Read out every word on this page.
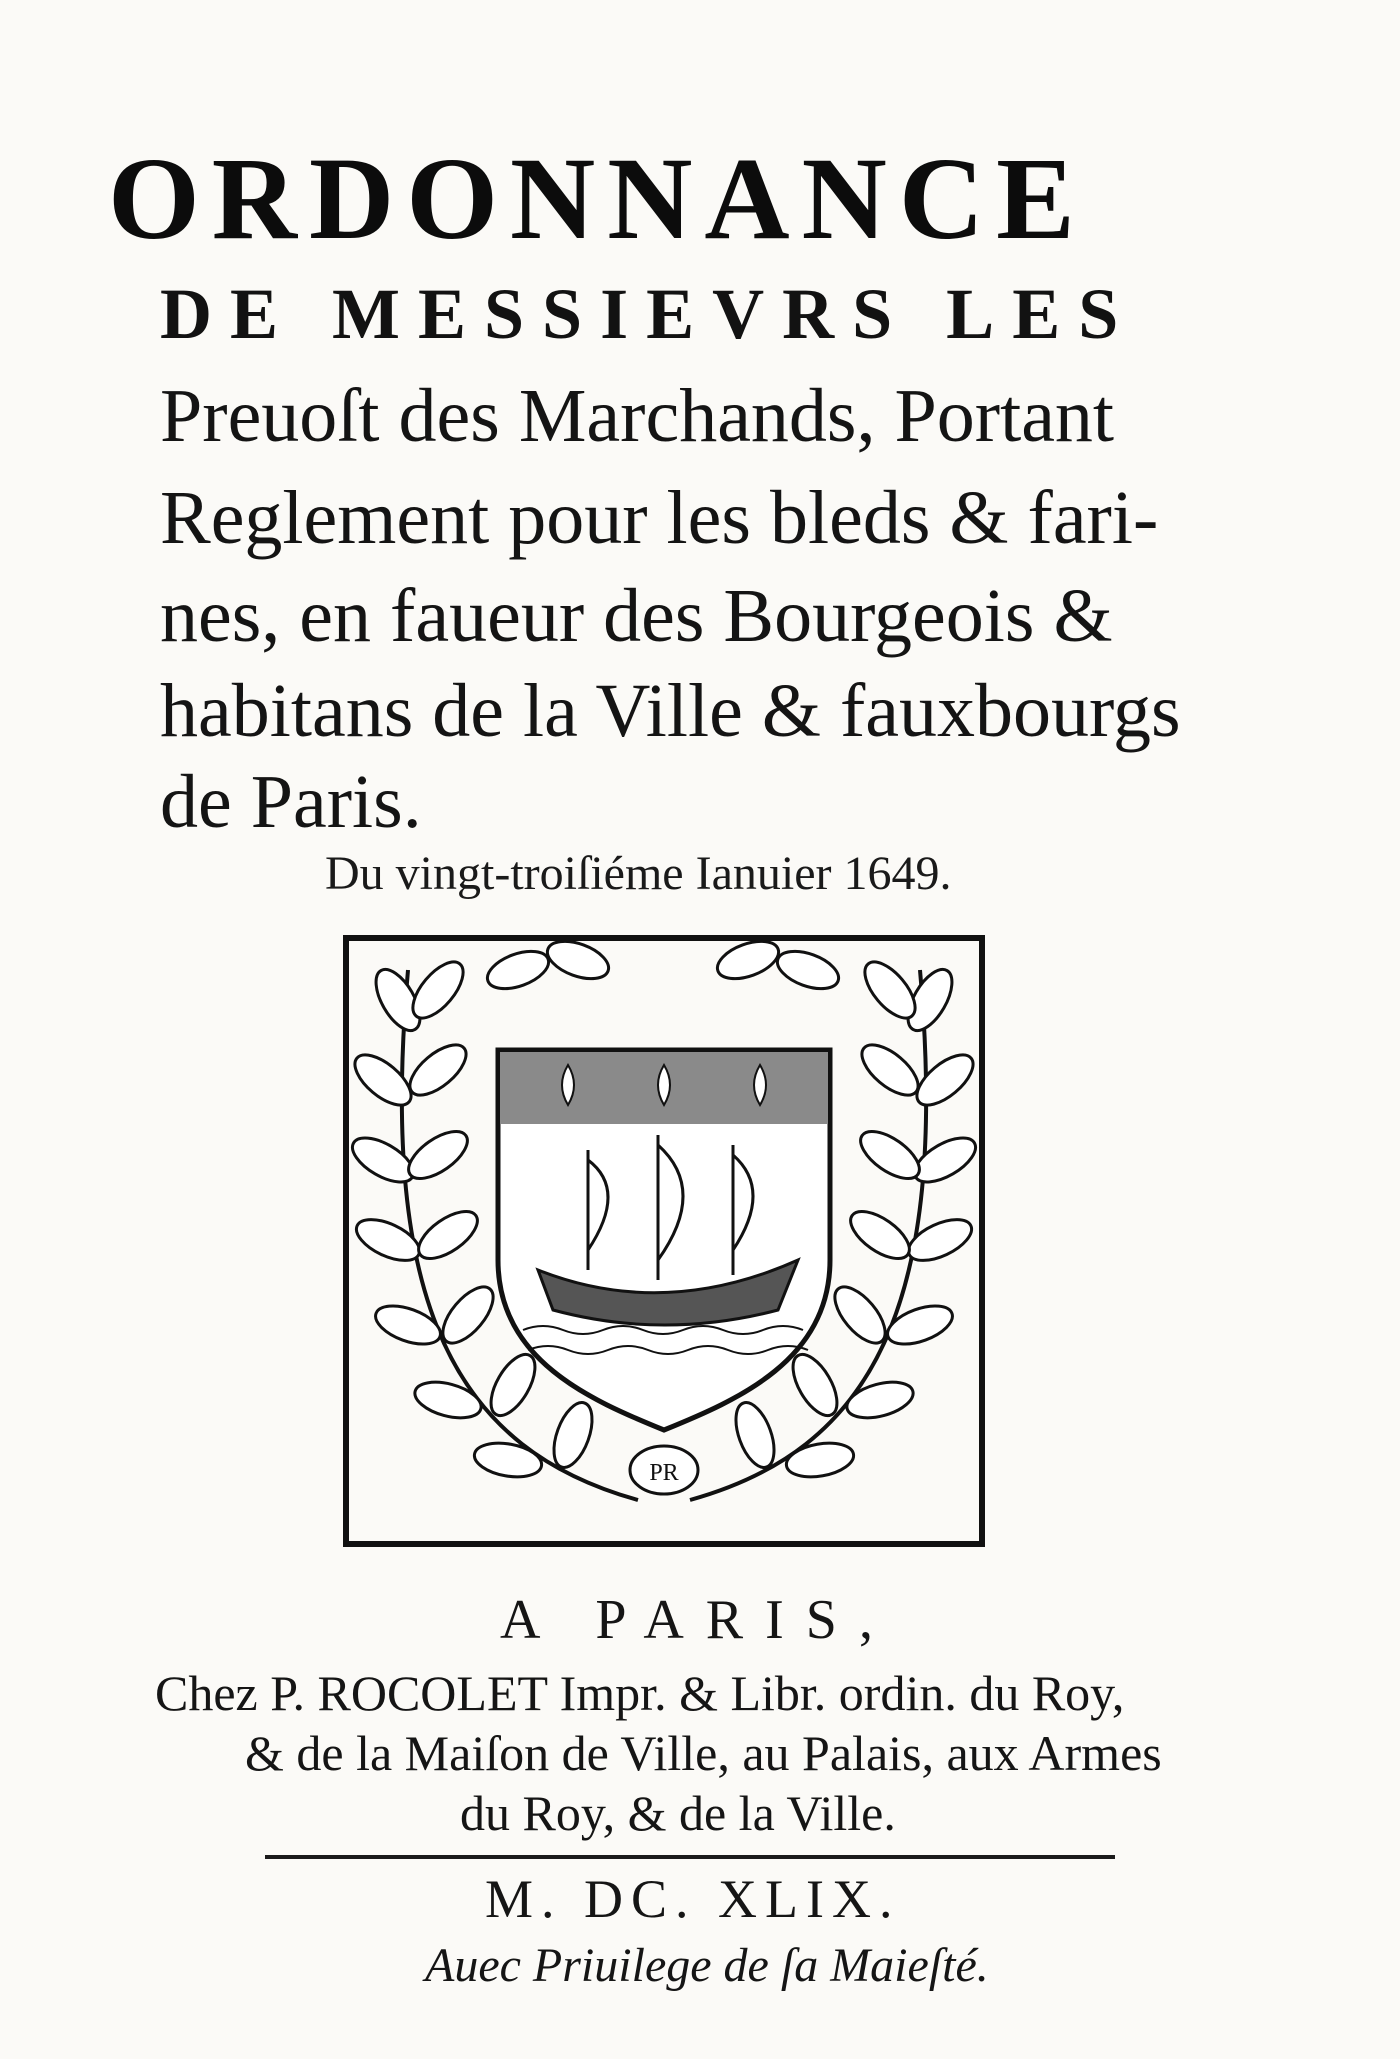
ORDONNANCE
DE MESSIEVRS LES
Preuoſt des Marchands, Portant
Reglement pour les bleds & fari-
nes, en faueur des Bourgeois &
habitans de la Ville & fauxbourgs
de Paris.
Du vingt-troiſiéme Ianuier 1649.
PR
A PARIS,
Chez P. ROCOLET Impr. & Libr. ordin. du Roy,
& de la Maiſon de Ville, au Palais, aux Armes
du Roy, & de la Ville.
M. DC. XLIX.
Auec Priuilege de ſa Maieſté.
